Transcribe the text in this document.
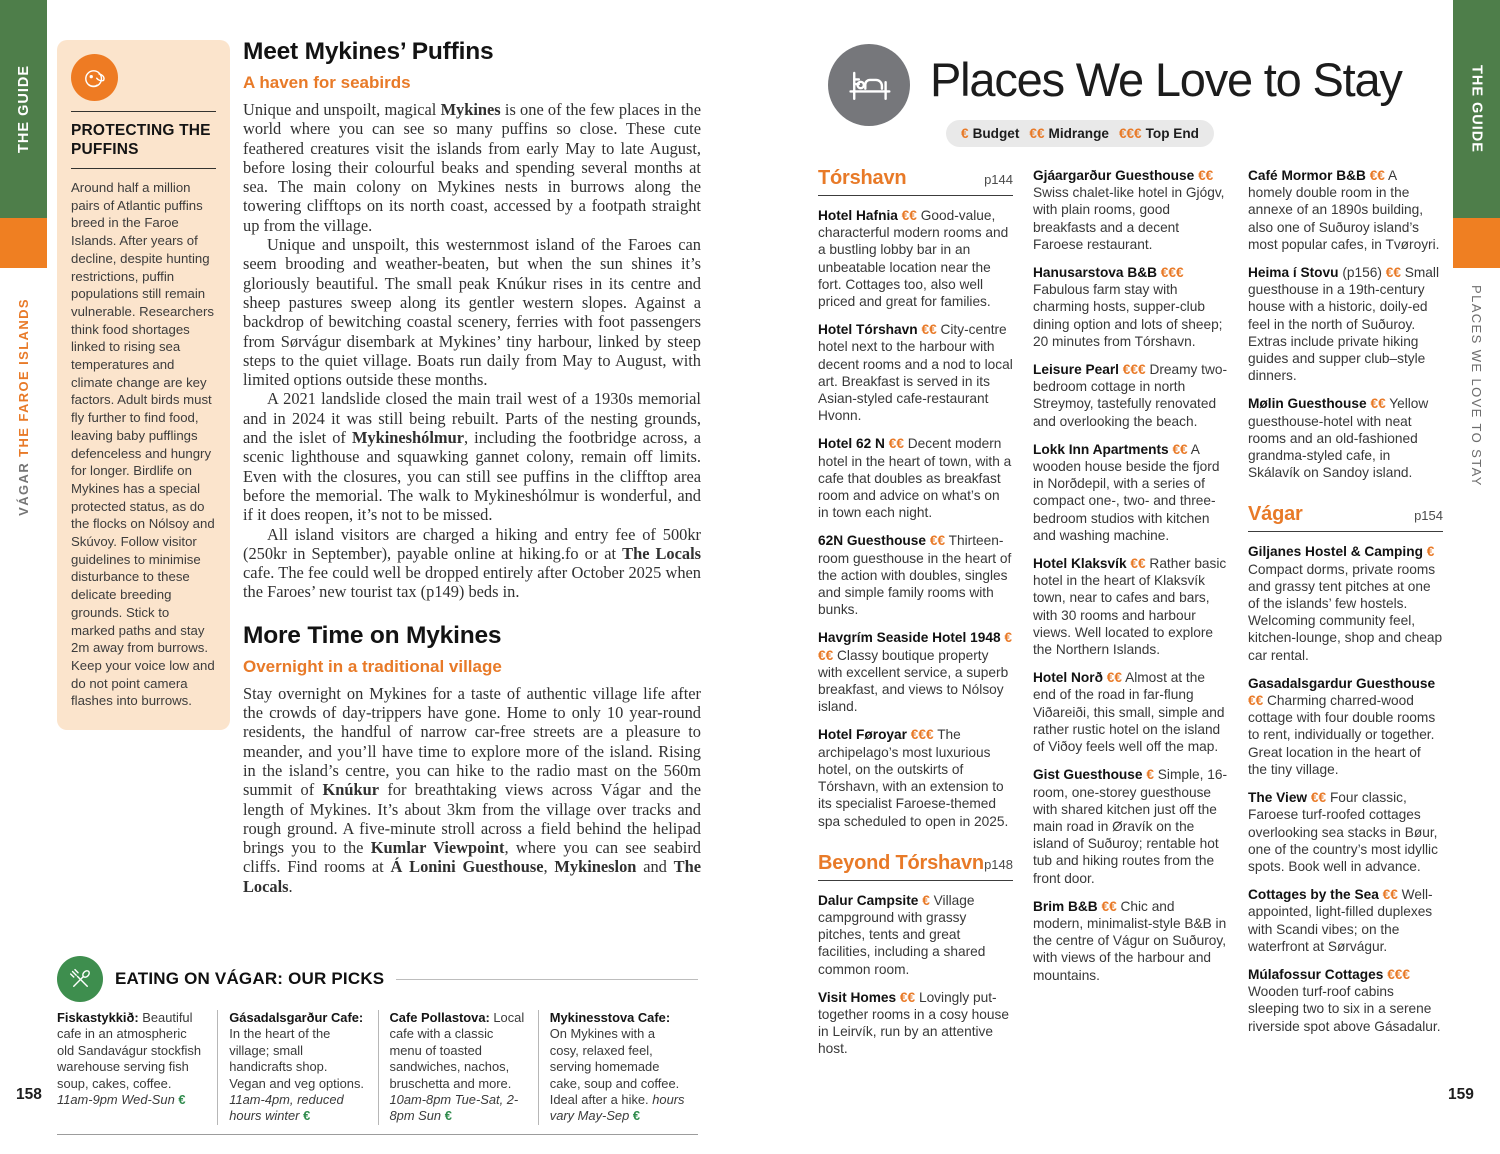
THE GUIDE
VÁGAR THE FAROE ISLANDS
PROTECTING THE PUFFINS
Around half a million pairs of Atlantic puffins breed in the Faroe Islands. After years of decline, despite hunting restrictions, puffin populations still remain vulnerable. Researchers think food shortages linked to rising sea temperatures and climate change are key factors. Adult birds must fly further to find food, leaving baby pufflings defenceless and hungry for longer. Birdlife on Mykines has a special protected status, as do the flocks on Nólsoy and Skúvoy. Follow visitor guidelines to minimise disturbance to these delicate breeding grounds. Stick to marked paths and stay 2m away from burrows. Keep your voice low and do not point camera flashes into burrows.
Meet Mykines’ Puffins
A haven for seabirds

Unique and unspoilt, magical Mykines is one of the few places in the world where you can see so many puffins so close. These cute feathered creatures visit the islands from early May to late August, before losing their colourful beaks and spending several months at sea. The main colony on Mykines nests in burrows along the towering clifftops on its north coast, accessed by a footpath straight up from the village.

Unique and unspoilt, this westernmost island of the Faroes can seem brooding and weather-beaten, but when the sun shines it’s gloriously beautiful. The small peak Knúkur rises in its centre and sheep pastures sweep along its gentler western slopes. Against a backdrop of bewitching coastal scenery, ferries with foot passengers from Sørvágur disembark at Mykines’ tiny harbour, linked by steep steps to the quiet village. Boats run daily from May to August, with limited options outside these months.

A 2021 landslide closed the main trail west of a 1930s memorial and in 2024 it was still being rebuilt. Parts of the nesting grounds, and the islet of Mykineshólmur, including the footbridge across, a scenic lighthouse and squawking gannet colony, remain off limits. Even with the closures, you can still see puffins in the clifftop area before the memorial. The walk to Mykineshólmur is wonderful, and if it does reopen, it’s not to be missed.

All island visitors are charged a hiking and entry fee of 500kr (250kr in September), payable online at hiking.fo or at The Locals cafe. The fee could well be dropped entirely after October 2025 when the Faroes’ new tourist tax (p149) beds in.

More Time on Mykines
Overnight in a traditional village

Stay overnight on Mykines for a taste of authentic village life after the crowds of day-trippers have gone. Home to only 10 year-round residents, the handful of narrow car-free streets are a pleasure to meander, and you’ll have time to explore more of the island. Rising in the island’s centre, you can hike to the radio mast on the 560m summit of Knúkur for breathtaking views across Vágar and the length of Mykines. It’s about 3km from the village over tracks and rough ground. A five-minute stroll across a field behind the helipad brings you to the Kumlar Viewpoint, where you can see seabird cliffs. Find rooms at Á Lonini Guesthouse, Mykineslon and The Locals.

EATING ON VÁGAR: OUR PICKS
Fiskastykkið: Beautiful cafe in an atmospheric old Sandavágur stockfish warehouse serving fish soup, cakes, coffee. 11am-9pm Wed-Sun €
Gásadalsgarður Cafe: In the heart of the village; small handicrafts shop. Vegan and veg options. 11am-4pm, reduced hours winter €
Cafe Pollastova: Local cafe with a classic menu of toasted sandwiches, nachos, bruschetta and more. 10am-8pm Tue-Sat, 2-8pm Sun €
Mykinesstova Cafe: On Mykines with a cosy, relaxed feel, serving homemade cake, soup and coffee. Ideal after a hike. hours vary May-Sep €
158
Places We Love to Stay
€ Budget €€ Midrange €€€ Top End
Tórshavn	p144

Hotel Hafnia €€ Good-value, characterful modern rooms and a bustling lobby bar in an unbeatable location near the fort. Cottages too, also well priced and great for families.

Hotel Tórshavn €€ City-centre hotel next to the harbour with decent rooms and a nod to local art. Breakfast is served in its Asian-styled cafe-restaurant Hvonn.

Hotel 62 N €€ Decent modern hotel in the heart of town, with a cafe that doubles as breakfast room and advice on what’s on in town each night.

62N Guesthouse €€ Thirteen-room guesthouse in the heart of the action with doubles, singles and simple family rooms with bunks.

Havgrím Seaside Hotel 1948 €€€ Classy boutique property with excellent service, a superb breakfast, and views to Nólsoy island.

Hotel Føroyar €€€ The archipelago’s most luxurious hotel, on the outskirts of Tórshavn, with an extension to its specialist Faroese-themed spa scheduled to open in 2025.

Beyond Tórshavn p148

Dalur Campsite € Village campground with grassy pitches, tents and great facilities, including a shared common room.

Visit Homes €€ Lovingly put-together rooms in a cosy house in Leirvík, run by an attentive host.

Gjáargarður Guesthouse €€ Swiss chalet-like hotel in Gjógv, with plain rooms, good breakfasts and a decent Faroese restaurant.

Hanusarstova B&B €€€ Fabulous farm stay with charming hosts, supper-club dining option and lots of sheep; 20 minutes from Tórshavn.

Leisure Pearl €€€ Dreamy two-bedroom cottage in north Streymoy, tastefully renovated and overlooking the beach.

Lokk Inn Apartments €€ A wooden house beside the fjord in Norðdepil, with a series of compact one-, two- and three-bedroom studios with kitchen and washing machine.

Hotel Klaksvík €€ Rather basic hotel in the heart of Klaksvík town, near to cafes and bars, with 30 rooms and harbour views. Well located to explore the Northern Islands.

Hotel Norð €€ Almost at the end of the road in far-flung Viðareiði, this small, simple and rather rustic hotel on the island of Viðoy feels well off the map.

Gist Guesthouse € Simple, 16-room, one-storey guesthouse with shared kitchen just off the main road in Øravík on the island of Suðuroy; rentable hot tub and hiking routes from the front door.

Brim B&B €€ Chic and modern, minimalist-style B&B in the centre of Vágur on Suðuroy, with views of the harbour and mountains.

Café Mormor B&B €€ A homely double room in the annexe of an 1890s building, also one of Suðuroy island’s most popular cafes, in Tvøroyri.

Heima í Stovu (p156) €€ Small guesthouse in a 19th-century house with a historic, doily-ed feel in the north of Suðuroy. Extras include private hiking guides and supper club–style dinners.

Mølin Guesthouse €€ Yellow guesthouse-hotel with neat rooms and an old-fashioned grandma-styled cafe, in Skálavík on Sandoy island.

Vágar	p154

Giljanes Hostel & Camping € Compact dorms, private rooms and grassy tent pitches at one of the islands’ few hostels. Welcoming community feel, kitchen-lounge, shop and cheap car rental.

Gasadalsgardur Guesthouse €€ Charming charred-wood cottage with four double rooms to rent, individually or together. Great location in the heart of the tiny village.

The View €€ Four classic, Faroese turf-roofed cottages overlooking sea stacks in Bøur, one of the country’s most idyllic spots. Book well in advance.

Cottages by the Sea €€ Well-appointed, light-filled duplexes with Scandi vibes; on the waterfront at Sørvágur.

Múlafossur Cottages €€€ Wooden turf-roof cabins sleeping two to six in a serene riverside spot above Gásadalur.

THE GUIDE
PLACES WE LOVE TO STAY
159
